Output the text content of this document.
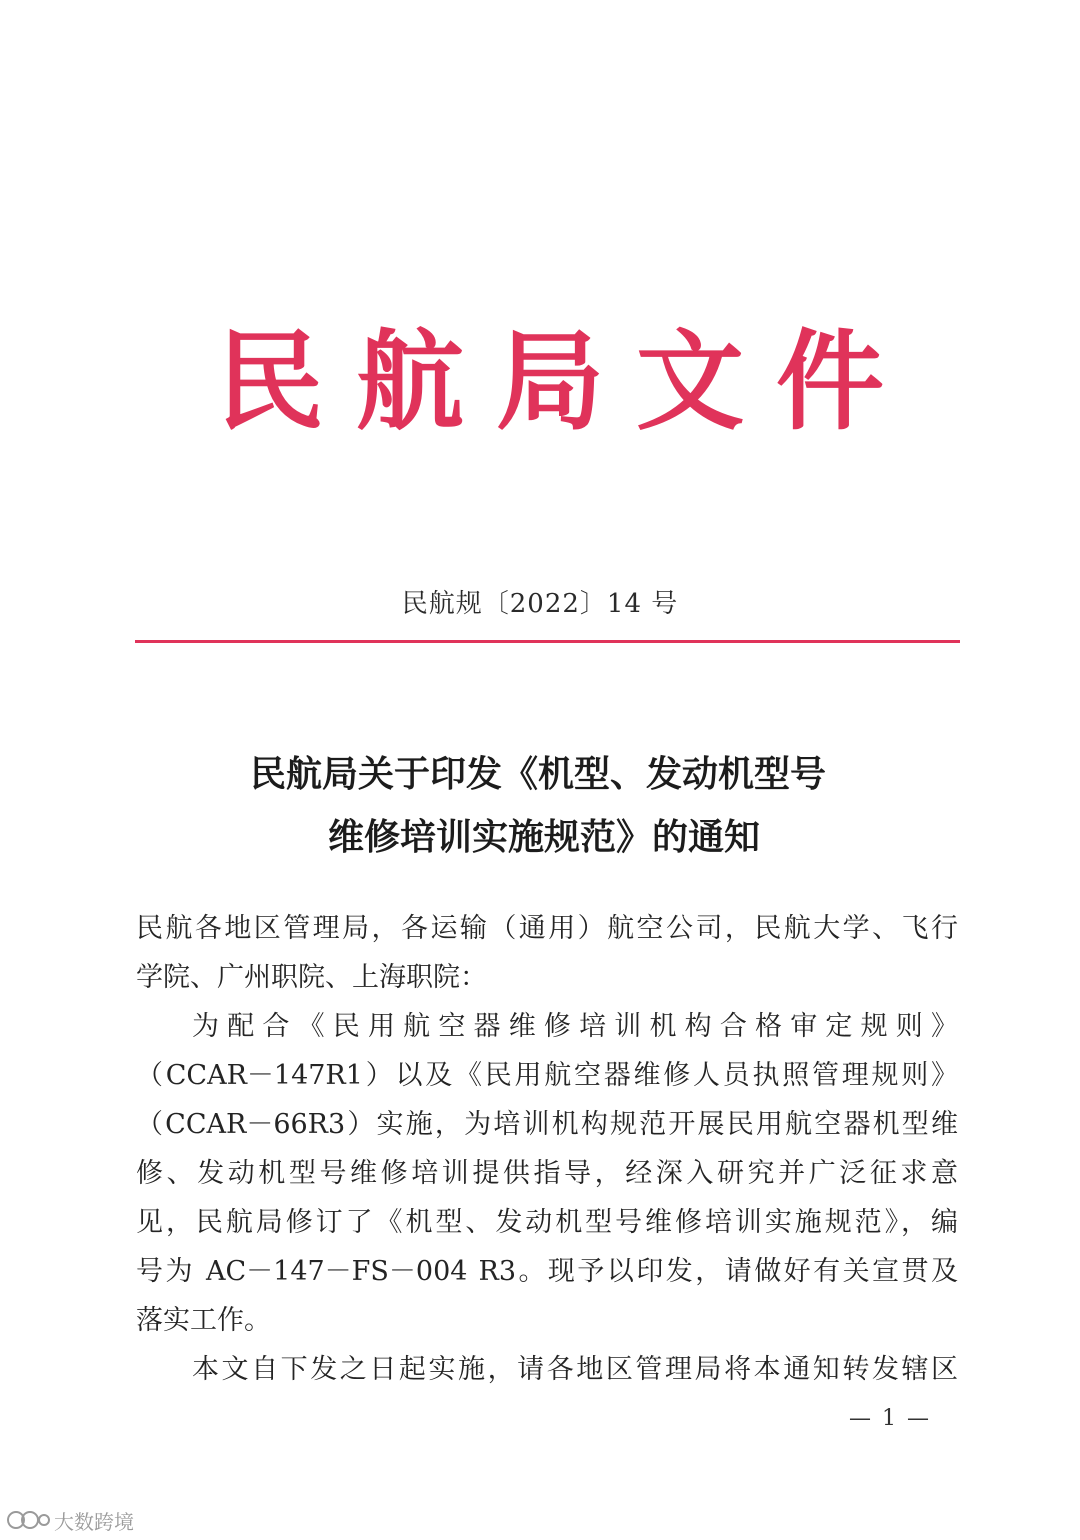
民 航 局 文 件
民航规〔2022〕14 号
民航局关于印发《机型、发动机型号
维修培训实施规范》的通知
民航各地区管理局，各运输（通用）航空公司，民航大学、飞行
学院、广州职院、上海职院：
为配合《民用航空器维修培训机构合格审定规则》
（CCAR－147R1）以及《民用航空器维修人员执照管理规则》
（CCAR－66R3）实施，为培训机构规范开展民用航空器机型维
修、发动机型号维修培训提供指导，经深入研究并广泛征求意
见，民航局修订了《机型、发动机型号维修培训实施规范》，编
号为 AC－147－FS－004 R3。现予以印发，请做好有关宣贯及
落实工作。
本文自下发之日起实施，请各地区管理局将本通知转发辖区
— 1 —
大数跨境
